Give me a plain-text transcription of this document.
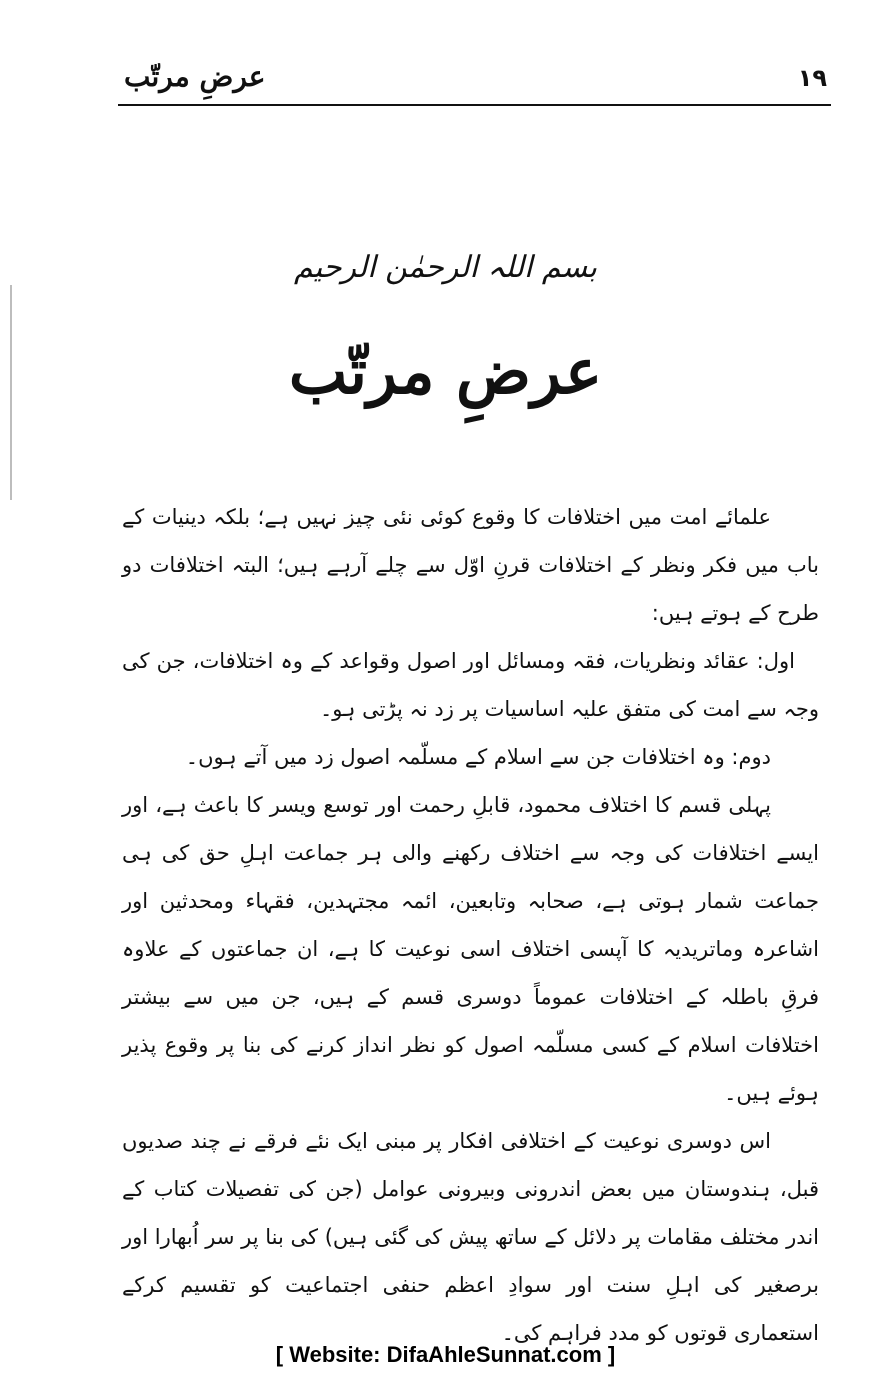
١٩
عرضِ مرتّب
بسم اللہ الرحمٰن الرحیم
عرضِ مرتّب

علمائے امت میں اختلافات کا وقوع کوئی نئی چیز نہیں ہے؛ بلکہ دینیات کے باب میں فکر ونظر کے اختلافات قرنِ اوّل سے چلے آرہے ہیں؛ البتہ اختلافات دو طرح کے ہوتے ہیں:

اول: عقائد ونظریات، فقہ ومسائل اور اصول وقواعد کے وہ اختلافات، جن کی وجہ سے امت کی متفق علیہ اساسیات پر زد نہ پڑتی ہو۔

دوم: وہ اختلافات جن سے اسلام کے مسلّمہ اصول زد میں آتے ہوں۔

پہلی قسم کا اختلاف محمود، قابلِ رحمت اور توسع ویسر کا باعث ہے، اور ایسے اختلافات کی وجہ سے اختلاف رکھنے والی ہر جماعت اہلِ حق کی ہی جماعت شمار ہوتی ہے، صحابہ وتابعین، ائمہ مجتہدین، فقہاء ومحدثین اور اشاعرہ وماتریدیہ کا آپسی اختلاف اسی نوعیت کا ہے، ان جماعتوں کے علاوہ فرقِ باطلہ کے اختلافات عموماً دوسری قسم کے ہیں، جن میں سے بیشتر اختلافات اسلام کے کسی مسلّمہ اصول کو نظر انداز کرنے کی بنا پر وقوع پذیر ہوئے ہیں۔

اس دوسری نوعیت کے اختلافی افکار پر مبنی ایک نئے فرقے نے چند صدیوں قبل، ہندوستان میں بعض اندرونی وبیرونی عوامل (جن کی تفصیلات کتاب کے اندر مختلف مقامات پر دلائل کے ساتھ پیش کی گئی ہیں) کی بنا پر سر اُبھارا اور برصغیر کی اہلِ سنت اور سوادِ اعظم حنفی اجتماعیت کو تقسیم کرکے استعماری قوتوں کو مدد فراہم کی۔

[ Website: DifaAhleSunnat.com ]
